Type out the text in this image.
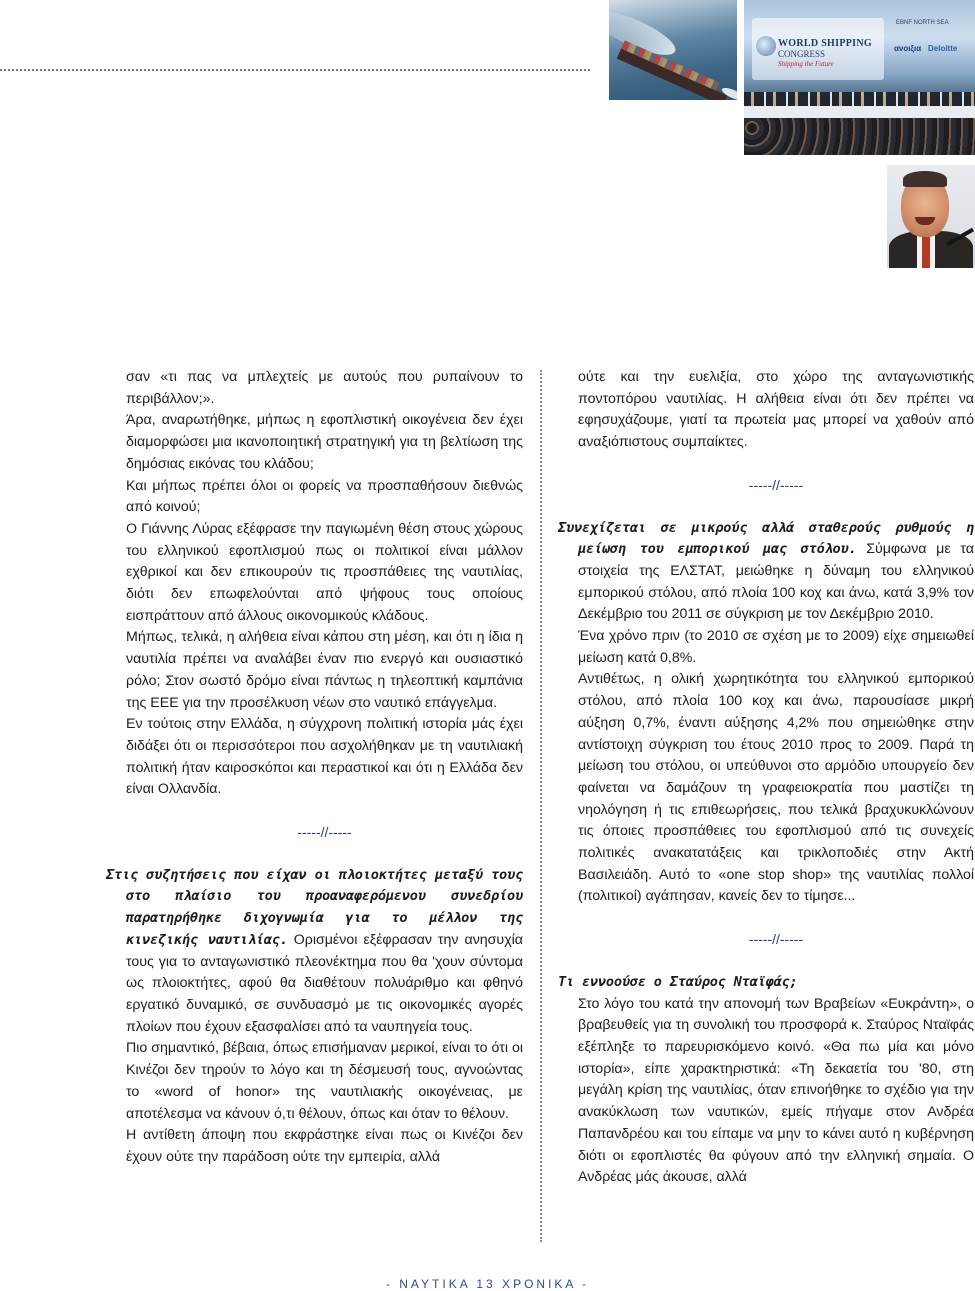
WORLD SHIPPING
CONGRESS
Shipping the Future
EBNF NORTH SEA
ανοιξια Deloitte

σαν «τι πας να μπλεχτείς με αυτούς που ρυπαίνουν το περιβάλλον;».

Άρα, αναρωτήθηκε, μήπως η εφοπλιστική οικογένεια δεν έχει διαμορφώσει μια ικανοποιητική στρατηγική για τη βελτίωση της δημόσιας εικόνας του κλάδου;

Και μήπως πρέπει όλοι οι φορείς να προσπαθήσουν διεθνώς από κοινού;

Ο Γιάννης Λύρας εξέφρασε την παγιωμένη θέση στους χώρους του ελληνικού εφοπλισμού πως οι πολιτικοί είναι μάλλον εχθρικοί και δεν επικουρούν τις προσπάθειες της ναυτιλίας, διότι δεν επωφελούνται από ψήφους τους οποίους εισπράττουν από άλλους οικονομικούς κλάδους.

Μήπως, τελικά, η αλήθεια είναι κάπου στη μέση, και ότι η ίδια η ναυτιλία πρέπει να αναλάβει έναν πιο ενεργό και ουσιαστικό ρόλο; Στον σωστό δρόμο είναι πάντως η τηλεοπτική καμπάνια της ΕΕΕ για την προσέλκυση νέων στο ναυτικό επάγγελμα.

Εν τούτοις στην Ελλάδα, η σύγχρονη πολιτική ιστορία μάς έχει διδάξει ότι οι περισσότεροι που ασχολήθηκαν με τη ναυτιλιακή πολιτική ήταν καιροσκόποι και περαστικοί και ότι η Ελλάδα δεν είναι Ολλανδία.

-----//-----

Στις συζητήσεις που είχαν οι πλοιοκτήτες μεταξύ τους στο πλαίσιο του προαναφερόμενου συνεδρίου παρατηρήθηκε διχογνωμία για το μέλλον της κινεζικής ναυτιλίας. Ορισμένοι εξέφρασαν την ανησυχία τους για το ανταγωνιστικό πλεονέκτημα που θα 'χουν σύντομα ως πλοιοκτήτες, αφού θα διαθέτουν πολυάριθμο και φθηνό εργατικό δυναμικό, σε συνδυασμό με τις οικονομικές αγορές πλοίων που έχουν εξασφαλίσει από τα ναυπηγεία τους.

Πιο σημαντικό, βέβαια, όπως επισήμαναν μερικοί, είναι το ότι οι Κινέζοι δεν τηρούν το λόγο και τη δέσμευσή τους, αγνοώντας το «word of honor» της ναυτιλιακής οικογένειας, με αποτέλεσμα να κάνουν ό,τι θέλουν, όπως και όταν το θέλουν.

Η αντίθετη άποψη που εκφράστηκε είναι πως οι Κινέζοι δεν έχουν ούτε την παράδοση ούτε την εμπειρία, αλλά

ούτε και την ευελιξία, στο χώρο της ανταγωνιστικής ποντοπόρου ναυτιλίας. Η αλήθεια είναι ότι δεν πρέπει να εφησυχάζουμε, γιατί τα πρωτεία μας μπορεί να χαθούν από αναξιόπιστους συμπαίκτες.

-----//-----

Συνεχίζεται σε μικρούς αλλά σταθερούς ρυθμούς η μείωση του εμπορικού μας στόλου. Σύμφωνα με τα στοιχεία της ΕΛΣΤΑΤ, μειώθηκε η δύναμη του ελληνικού εμπορικού στόλου, από πλοία 100 κοχ και άνω, κατά 3,9% τον Δεκέμβριο του 2011 σε σύγκριση με τον Δεκέμβριο 2010.

Ένα χρόνο πριν (το 2010 σε σχέση με το 2009) είχε σημειωθεί μείωση κατά 0,8%.

Αντιθέτως, η ολική χωρητικότητα του ελληνικού εμπορικού στόλου, από πλοία 100 κοχ και άνω, παρουσίασε μικρή αύξηση 0,7%, έναντι αύξησης 4,2% που σημειώθηκε στην αντίστοιχη σύγκριση του έτους 2010 προς το 2009. Παρά τη μείωση του στόλου, οι υπεύθυνοι στο αρμόδιο υπουργείο δεν φαίνεται να δαμάζουν τη γραφειοκρατία που μαστίζει τη νηολόγηση ή τις επιθεωρήσεις, που τελικά βραχυκυκλώνουν τις όποιες προσπάθειες του εφοπλισμού από τις συνεχείς πολιτικές ανακατατάξεις και τρικλοποδιές στην Ακτή Βασιλειάδη. Αυτό το «one stop shop» της ναυτιλίας πολλοί (πολιτικοί) αγάπησαν, κανείς δεν το τίμησε...

-----//-----

Τι εννοούσε ο Σταύρος Νταϊφάς;

Στο λόγο του κατά την απονομή των Βραβείων «Ευκράντη», ο βραβευθείς για τη συνολική του προσφορά κ. Σταύρος Νταϊφάς εξέπληξε το παρευρισκόμενο κοινό. «Θα πω μία και μόνο ιστορία», είπε χαρακτηριστικά: «Τη δεκαετία του '80, στη μεγάλη κρίση της ναυτιλίας, όταν επινοήθηκε το σχέδιο για την ανακύκλωση των ναυτικών, εμείς πήγαμε στον Ανδρέα Παπανδρέου και του είπαμε να μην το κάνει αυτό η κυβέρνηση διότι οι εφοπλιστές θα φύγουν από την ελληνική σημαία. Ο Ανδρέας μάς άκουσε, αλλά

- ΝΑΥΤΙΚΑ 13 ΧΡΟΝΙΚΑ -
